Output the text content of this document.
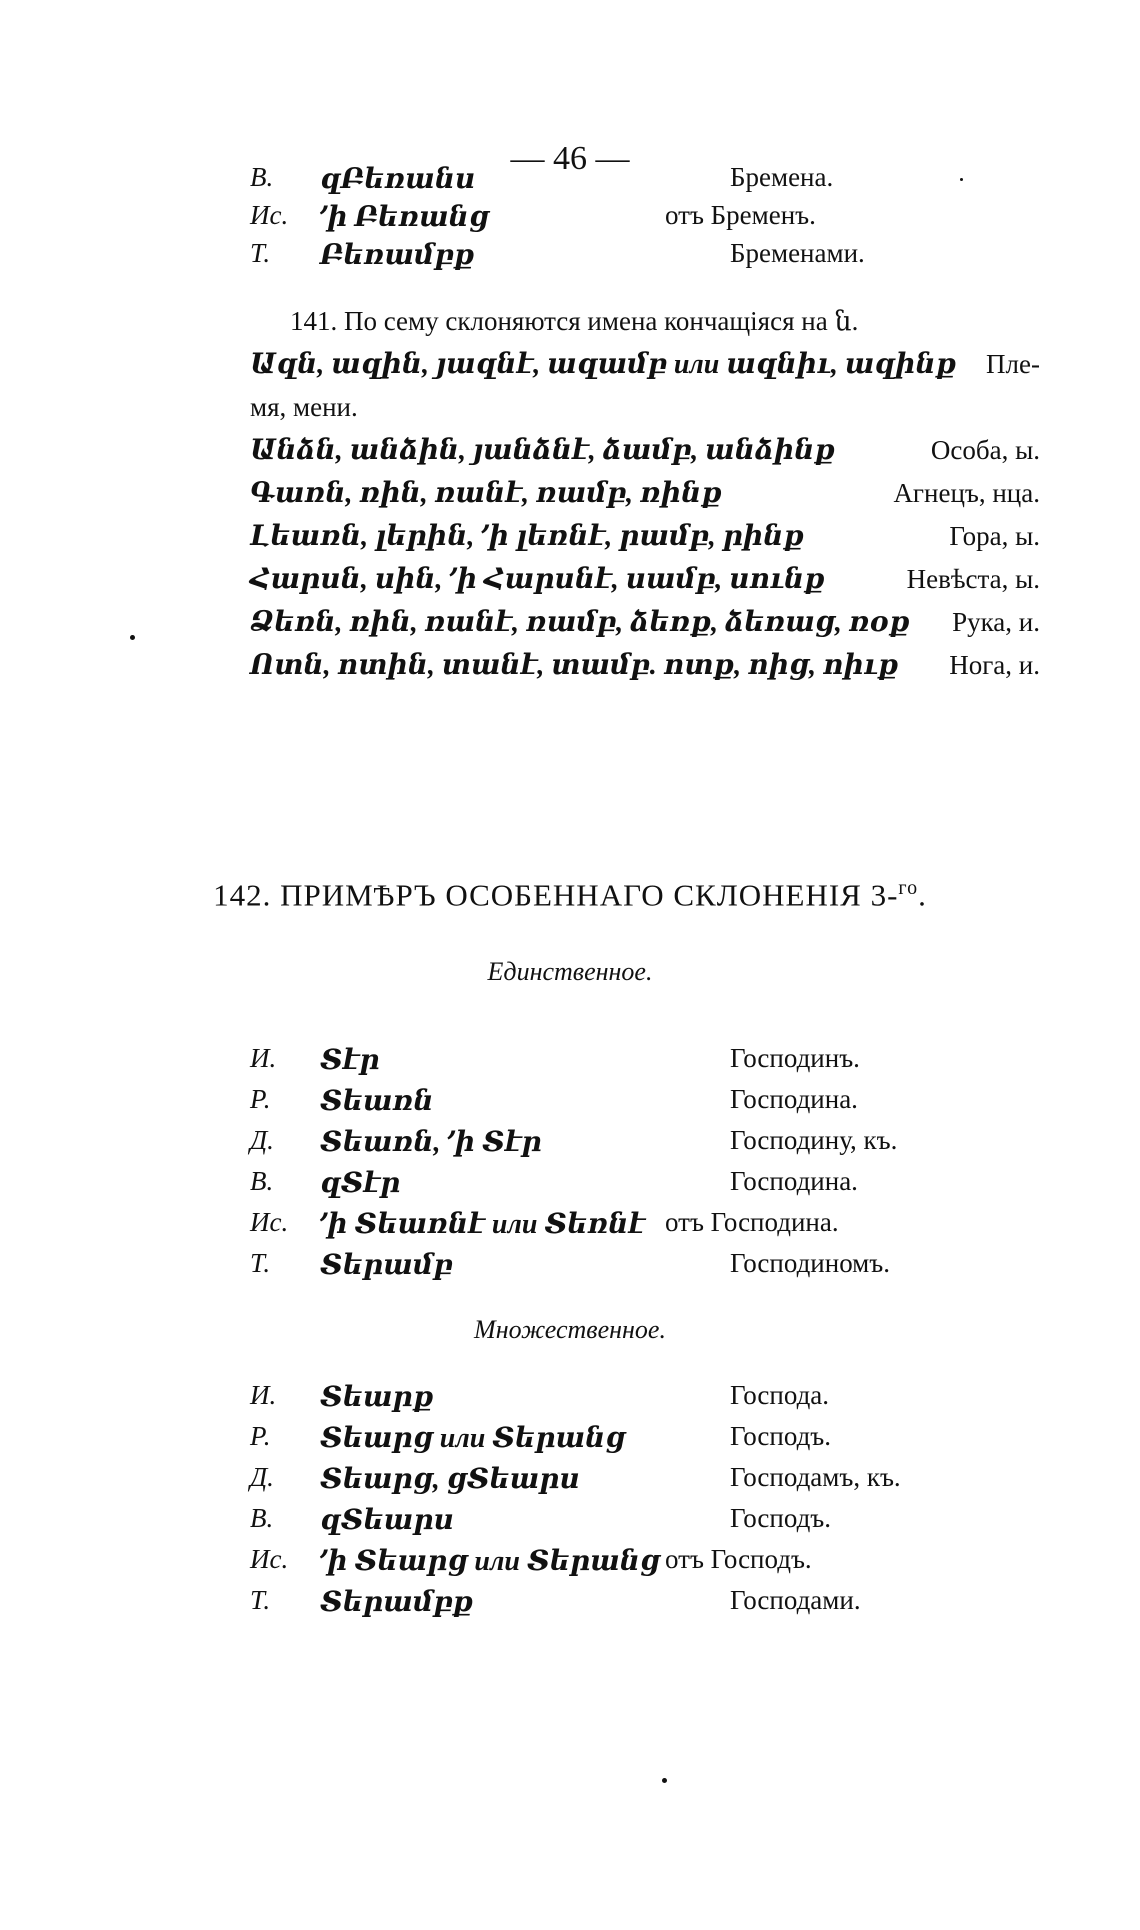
— 46 —
В. զԲեռանս	Бремена.
Ис. ՚ի Բեռանց	отъ Бременъ.
Т. Բեռամբք	Бременами.
141. По сему склоняются имена кончащіяся на ն.
Ազն, ազին, յազնէ, ազամբ или ազնիւ, ազինք Пле-
мя, мени.
Անձն, անձին, յանձնէ, ձամբ, անձինք	Особа, ы.
Գառն, ռին, ռանէ, ռամբ, ռինք	Агнецъ, нца.
Լեառն, լերին, ՚ի լեռնէ, րամբ, րինք	Гора, ы.
Հարսն, սին, ՚ի Հարսնէ, սամբ, սունք	Невѣста, ы.
Ձեռն, ռին, ռանէ, ռամբ, ձեռք, ձեռաց, ռօք Рука, и.
Ոտն, ոտին, տանէ, տամբ. ոտք, ոից, ոիւք Нога, и.
142. ПРИМѢРЪ ОСОБЕННАГО СКЛОНЕНІЯ 3-$^{го}$.
Единственное.
И. Տէր	Господинъ.
Р. Տեառն	Господина.
Д. Տեառն, ՚ի Տէր	Господину, къ.
В. զՏէր	Господина.
Ис. ՚ի Տեառնէ или Տեռնէ отъ Господина.
Т. Տերամբ	Господиномъ.
Множественное.
И. Տեարք	Господа.
Р. Տեարց или Տերանց	Господъ.
Д. Տեարց, ցՏեարս	Господамъ, къ.
В. զՏեարս	Господъ.
Ис. ՚ի Տեարց или Տերանց отъ Господъ.
Т. Տերամբք	Господами.
